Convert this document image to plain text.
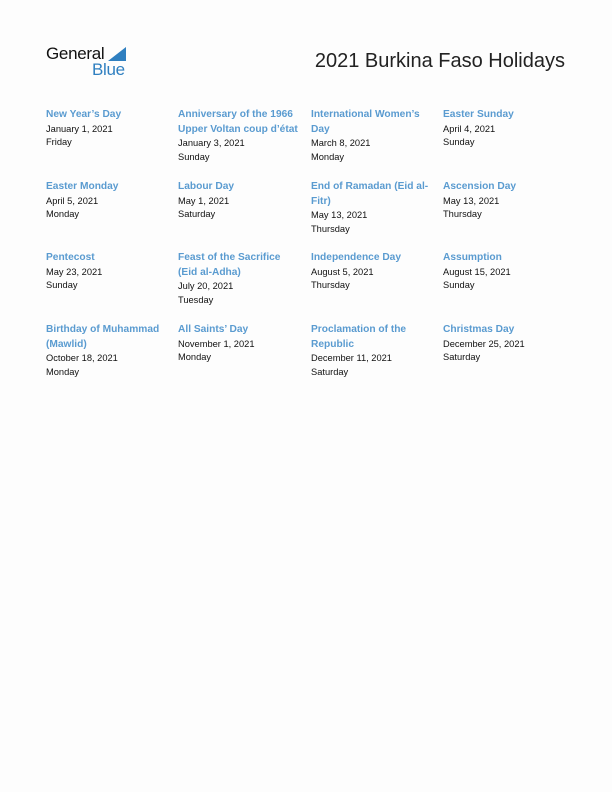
General
Blue	2021 Burkina Faso Holidays
New Year’s Day
January 1, 2021
Friday
Anniversary of the 1966 Upper Voltan coup d’état
January 3, 2021
Sunday
International Women’s Day
March 8, 2021
Monday
Easter Sunday
April 4, 2021
Sunday
Easter Monday
April 5, 2021
Monday
Labour Day
May 1, 2021
Saturday
End of Ramadan (Eid al-Fitr)
May 13, 2021
Thursday
Ascension Day
May 13, 2021
Thursday
Pentecost
May 23, 2021
Sunday
Feast of the Sacrifice (Eid al-Adha)
July 20, 2021
Tuesday
Independence Day
August 5, 2021
Thursday
Assumption
August 15, 2021
Sunday
Birthday of Muhammad (Mawlid)
October 18, 2021
Monday
All Saints’ Day
November 1, 2021
Monday
Proclamation of the Republic
December 11, 2021
Saturday
Christmas Day
December 25, 2021
Saturday
